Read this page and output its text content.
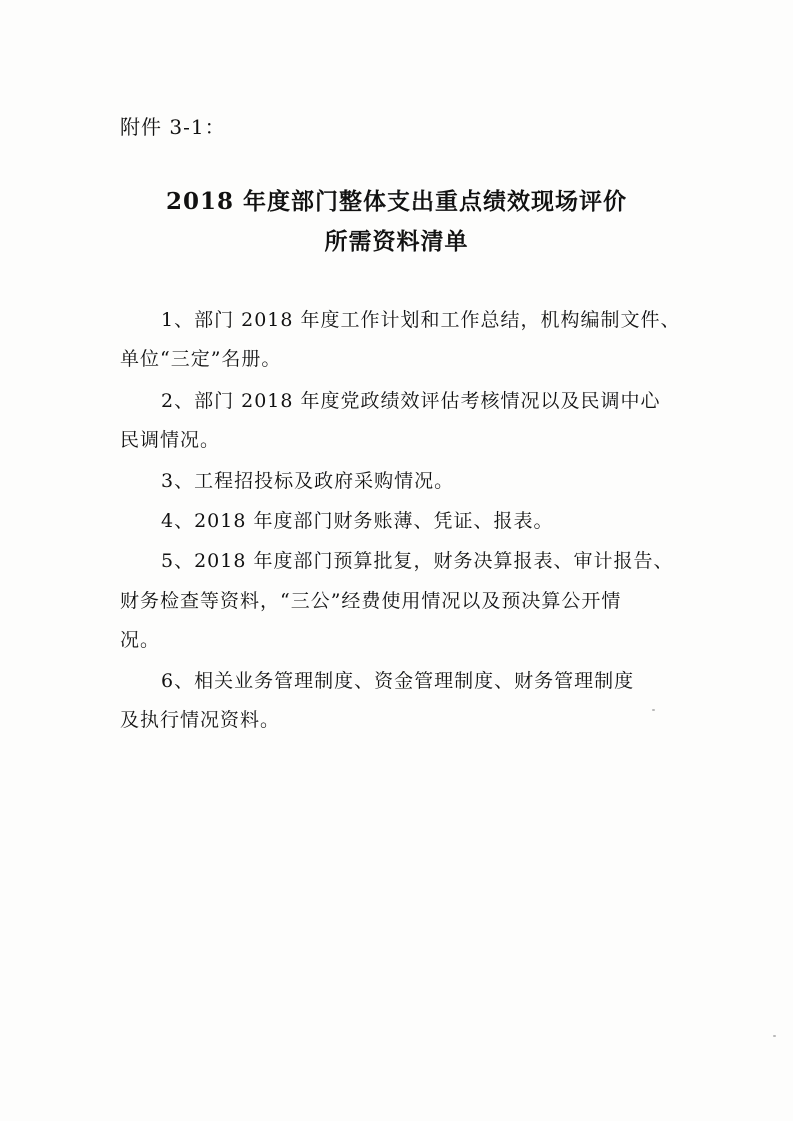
附件 3-1：

2018 年度部门整体支出重点绩效现场评价
所需资料清单

1、部门 2018 年度工作计划和工作总结，机构编制文件、

单位“三定”名册。

2、部门 2018 年度党政绩效评估考核情况以及民调中心

民调情况。

3、工程招投标及政府采购情况。

4、2018 年度部门财务账薄、凭证、报表。

5、2018 年度部门预算批复，财务决算报表、审计报告、

财务检查等资料，“三公”经费使用情况以及预决算公开情

况。

6、相关业务管理制度、资金管理制度、财务管理制度

及执行情况资料。
